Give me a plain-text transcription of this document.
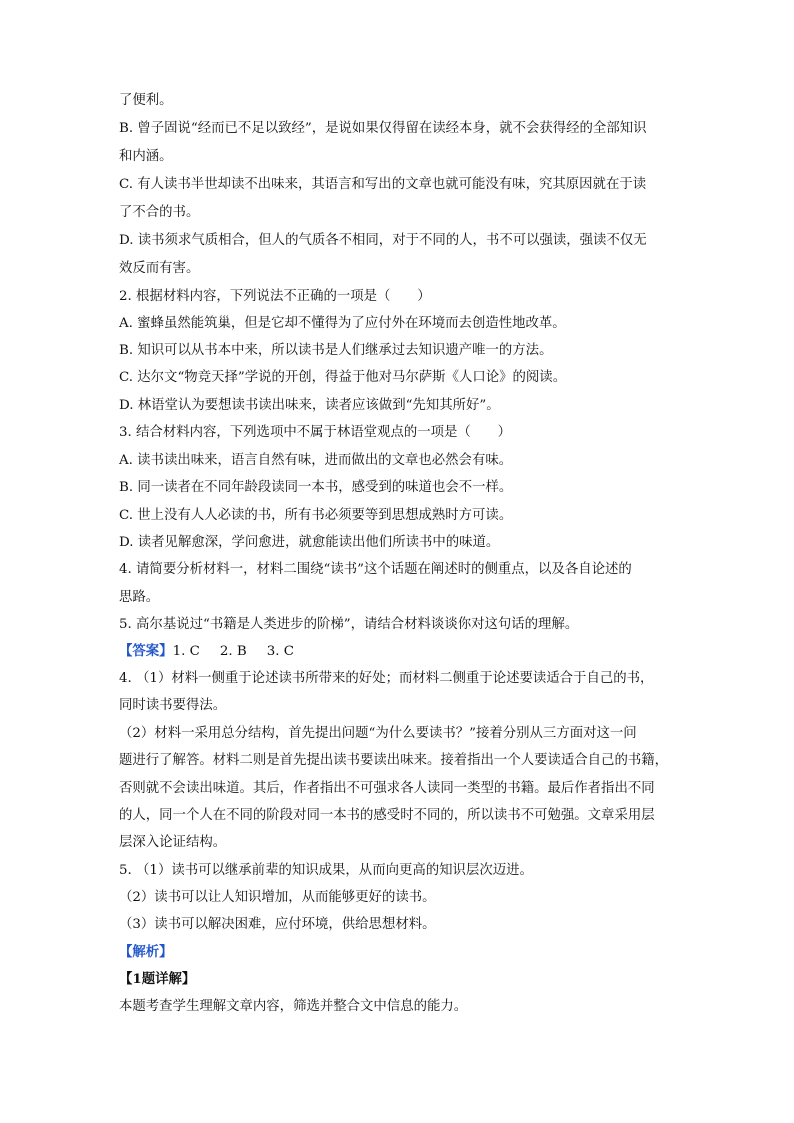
了便利。
B. 曾子固说“经而已不足以致经”，是说如果仅得留在读经本身，就不会获得经的全部知识
和内涵。
C. 有人读书半世却读不出味来，其语言和写出的文章也就可能没有味，究其原因就在于读
了不合的书。
D. 读书须求气质相合，但人的气质各不相同，对于不同的人，书不可以强读，强读不仅无
效反而有害。
2. 根据材料内容，下列说法不正确的一项是（　　）
A. 蜜蜂虽然能筑巢，但是它却不懂得为了应付外在环境而去创造性地改革。
B. 知识可以从书本中来，所以读书是人们继承过去知识遗产唯一的方法。
C. 达尔文“物竞天择”学说的开创，得益于他对马尔萨斯《人口论》的阅读。
D. 林语堂认为要想读书读出味来，读者应该做到“先知其所好”。
3. 结合材料内容，下列选项中不属于林语堂观点的一项是（　　）
A. 读书读出味来，语言自然有味，进而做出的文章也必然会有味。
B. 同一读者在不同年龄段读同一本书，感受到的味道也会不一样。
C. 世上没有人人必读的书，所有书必须要等到思想成熟时方可读。
D. 读者见解愈深，学问愈进，就愈能读出他们所读书中的味道。
4. 请简要分析材料一，材料二围绕“读书”这个话题在阐述时的侧重点，以及各自论述的
思路。
5. 高尔基说过“书籍是人类进步的阶梯”，请结合材料谈谈你对这句话的理解。
【答案】1. C 2. B 3. C
4. （1）材料一侧重于论述读书所带来的好处；而材料二侧重于论述要读适合于自己的书，
同时读书要得法。
（2）材料一采用总分结构，首先提出问题“为什么要读书？”接着分别从三方面对这一问
题进行了解答。材料二则是首先提出读书要读出味来。接着指出一个人要读适合自己的书籍，
否则就不会读出味道。其后，作者指出不可强求各人读同一类型的书籍。最后作者指出不同
的人，同一个人在不同的阶段对同一本书的感受时不同的，所以读书不可勉强。文章采用层
层深入论证结构。
5. （1）读书可以继承前辈的知识成果，从而向更高的知识层次迈进。
（2）读书可以让人知识增加，从而能够更好的读书。
（3）读书可以解决困难，应付环境，供给思想材料。
【解析】
【1题详解】
本题考查学生理解文章内容，筛选并整合文中信息的能力。
